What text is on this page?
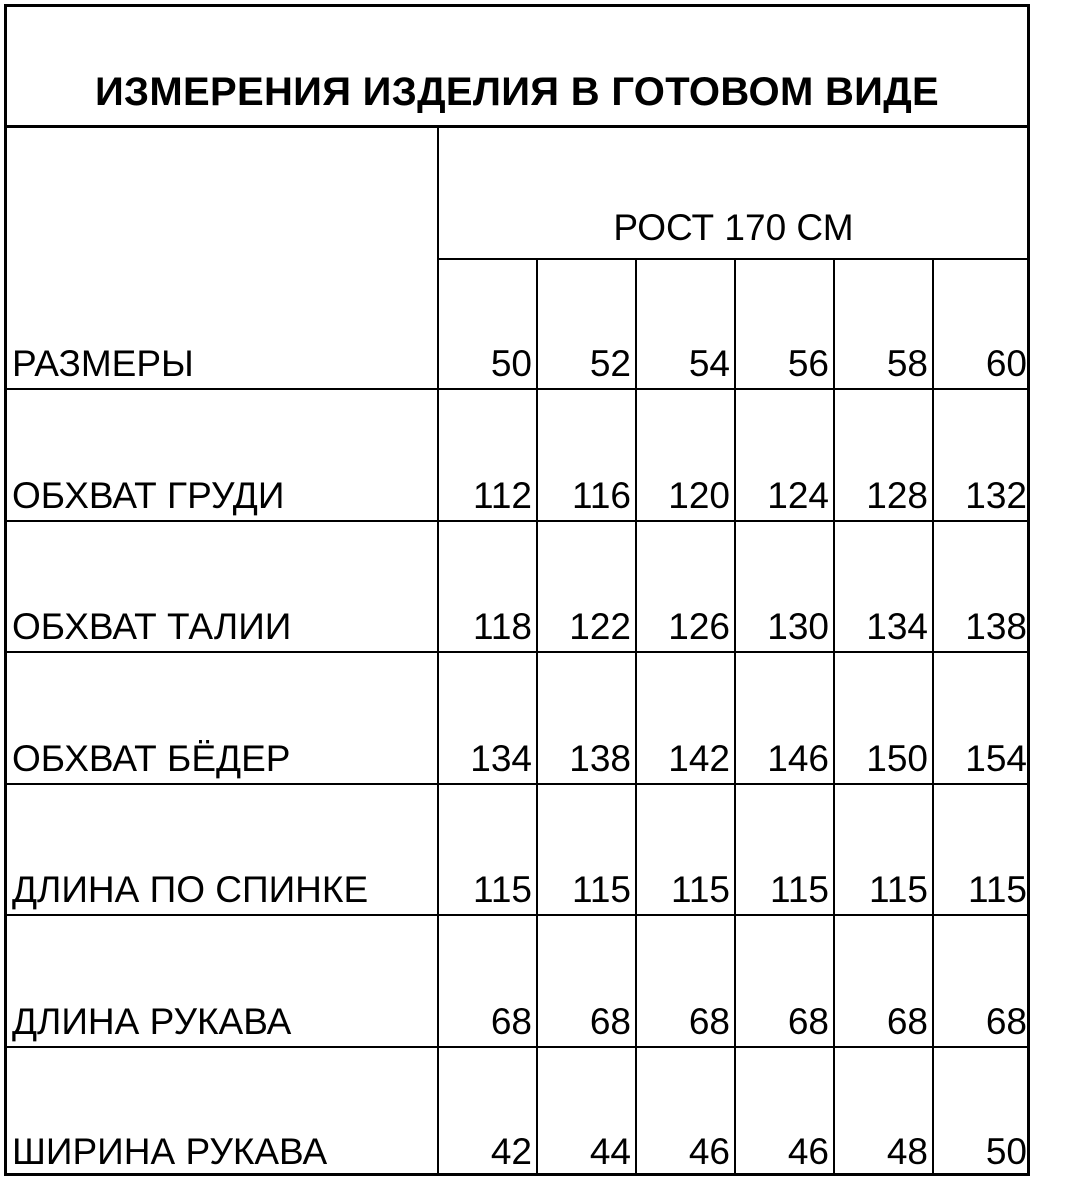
ИЗМЕРЕНИЯ ИЗДЕЛИЯ В ГОТОВОМ ВИДЕ
РОСТ 170 СМ
РАЗМЕРЫ	50	52	54	56	58	60
ОБХВАТ ГРУДИ	112	116	120	124	128	132
ОБХВАТ ТАЛИИ	118	122	126	130	134	138
ОБХВАТ БЁДЕР	134	138	142	146	150	154
ДЛИНА ПО СПИНКЕ	115	115	115	115	115	115
ДЛИНА РУКАВА	68	68	68	68	68	68
ШИРИНА РУКАВА	42	44	46	46	48	50
